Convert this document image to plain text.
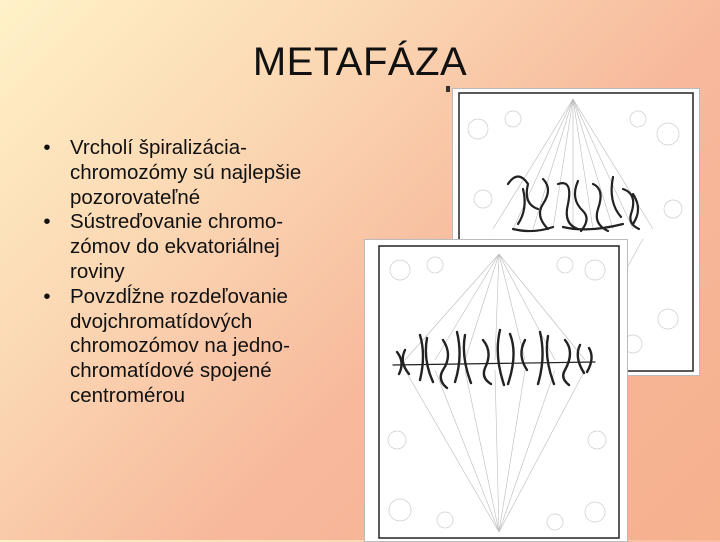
METAFÁZA
• Vrcholí špiralizácia-
chromozómy sú najlepšie
pozorovateľné
• Sústreďovanie chromo-
zómov do ekvatoriálnej
roviny
• Povzdĺžne rozdeľovanie
dvojchromatídových
chromozómov na jedno-
chromatídové spojené
centromérou
